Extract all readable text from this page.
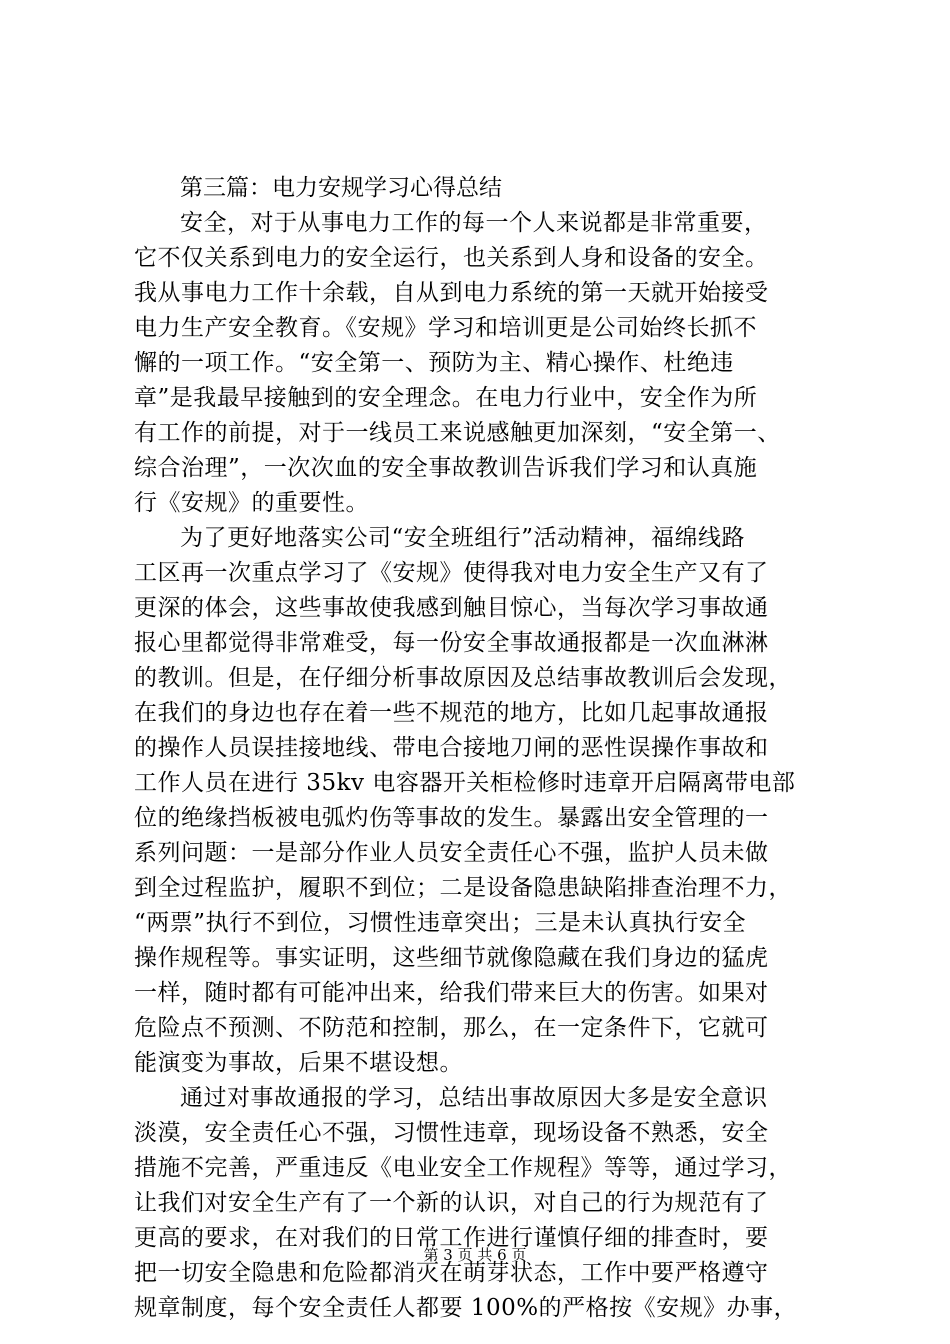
第三篇：电力安规学习心得总结

安全，对于从事电力工作的每一个人来说都是非常重要，
它不仅关系到电力的安全运行，也关系到人身和设备的安全。
我从事电力工作十余载，自从到电力系统的第一天就开始接受
电力生产安全教育。《安规》学习和培训更是公司始终长抓不
懈的一项工作。“安全第一、预防为主、精心操作、杜绝违
章”是我最早接触到的安全理念。在电力行业中，安全作为所
有工作的前提，对于一线员工来说感触更加深刻，“安全第一、
综合治理”，一次次血的安全事故教训告诉我们学习和认真施
行《安规》的重要性。
为了更好地落实公司“安全班组行”活动精神，福绵线路
工区再一次重点学习了《安规》使得我对电力安全生产又有了
更深的体会，这些事故使我感到触目惊心，当每次学习事故通
报心里都觉得非常难受，每一份安全事故通报都是一次血淋淋
的教训。但是，在仔细分析事故原因及总结事故教训后会发现，
在我们的身边也存在着一些不规范的地方，比如几起事故通报
的操作人员误挂接地线、带电合接地刀闸的恶性误操作事故和
工作人员在进行 35kv 电容器开关柜检修时违章开启隔离带电部
位的绝缘挡板被电弧灼伤等事故的发生。暴露出安全管理的一
系列问题：一是部分作业人员安全责任心不强，监护人员未做
到全过程监护，履职不到位；二是设备隐患缺陷排查治理不力，
“两票”执行不到位，习惯性违章突出；三是未认真执行安全
操作规程等。事实证明，这些细节就像隐藏在我们身边的猛虎
一样，随时都有可能冲出来，给我们带来巨大的伤害。如果对
危险点不预测、不防范和控制，那么，在一定条件下，它就可
能演变为事故，后果不堪设想。
通过对事故通报的学习，总结出事故原因大多是安全意识
淡漠，安全责任心不强，习惯性违章，现场设备不熟悉，安全
措施不完善，严重违反《电业安全工作规程》等等，通过学习，
让我们对安全生产有了一个新的认识，对自己的行为规范有了
更高的要求，在对我们的日常工作进行谨慎仔细的排查时，要
把一切安全隐患和危险都消灭在萌芽状态，工作中要严格遵守
规章制度，每个安全责任人都要 100%的严格按《安规》办事，
第 3 页 共 6 页
